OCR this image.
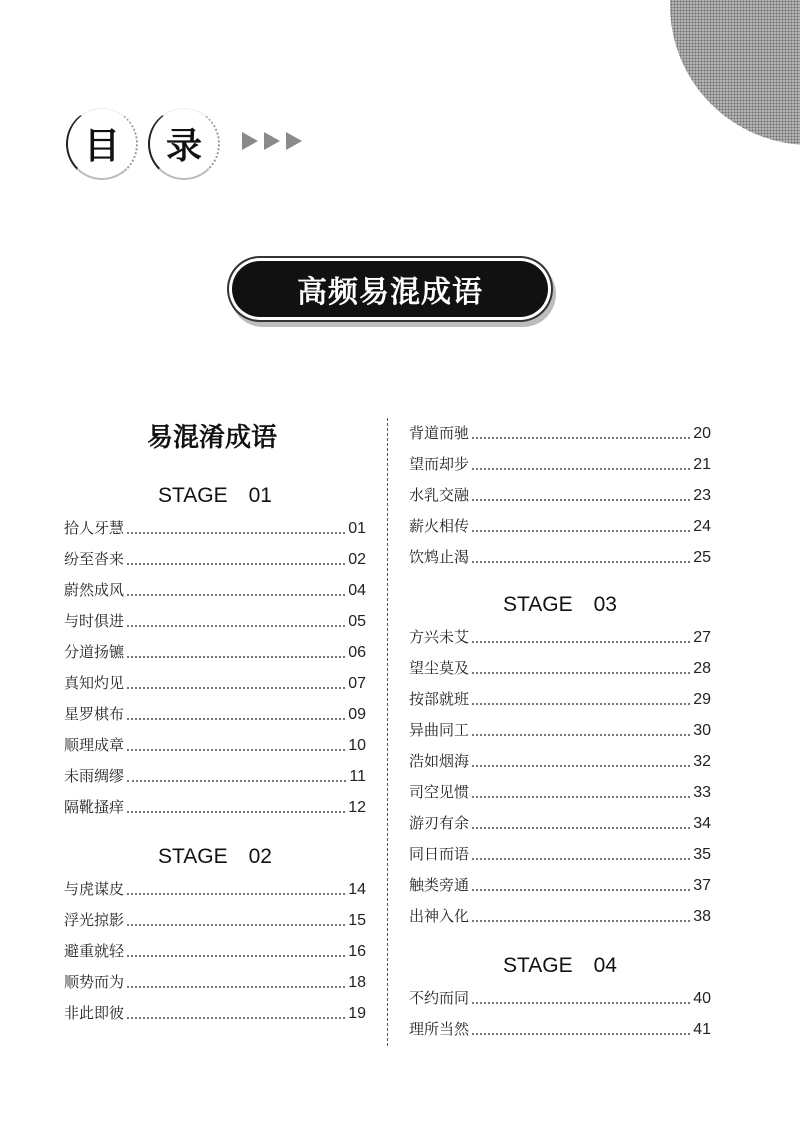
目	录
高频易混成语
易混淆成语
STAGE　01
STAGE　02
STAGE　03
STAGE　04
拾人牙慧	01
纷至沓来	02
蔚然成风	04
与时俱进	05
分道扬镳	06
真知灼见	07
星罗棋布	09
顺理成章	10
未雨绸缪	11
隔靴搔痒	12
与虎谋皮	14
浮光掠影	15
避重就轻	16
顺势而为	18
非此即彼	19
背道而驰	20
望而却步	21
水乳交融	23
薪火相传	24
饮鸩止渴	25
方兴未艾	27
望尘莫及	28
按部就班	29
异曲同工	30
浩如烟海	32
司空见惯	33
游刃有余	34
同日而语	35
触类旁通	37
出神入化	38
不约而同	40
理所当然	41
